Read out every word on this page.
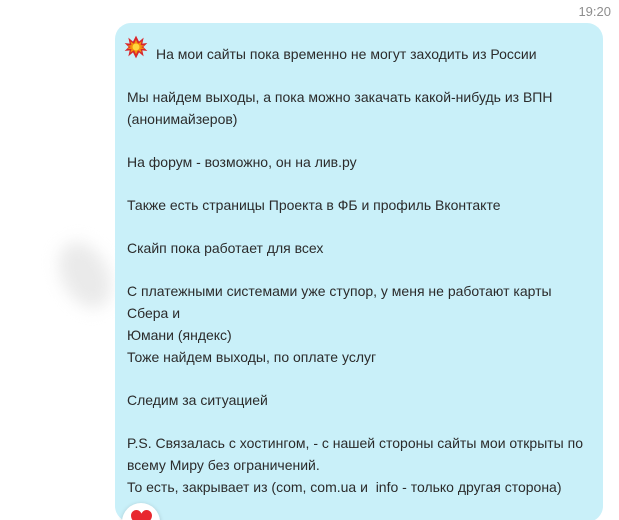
19:20
На мои сайты пока временно не могут заходить из России
Мы найдем выходы, а пока можно закачать какой-нибудь из ВПН
(анонимайзеров)
На форум - возможно, он на лив.ру
Также есть страницы Проекта в ФБ и профиль Вконтакте
Скайп пока работает для всех
С платежными системами уже ступор, у меня не работают карты Сбера и
Юмани (яндекс)
Тоже найдем выходы, по оплате услуг
Следим за ситуацией
P.S. Связалась с хостингом, - с нашей стороны сайты мои открыты по
всему Миру без ограничений.
То есть, закрывает из (com, com.ua и  info - только другая сторона)
